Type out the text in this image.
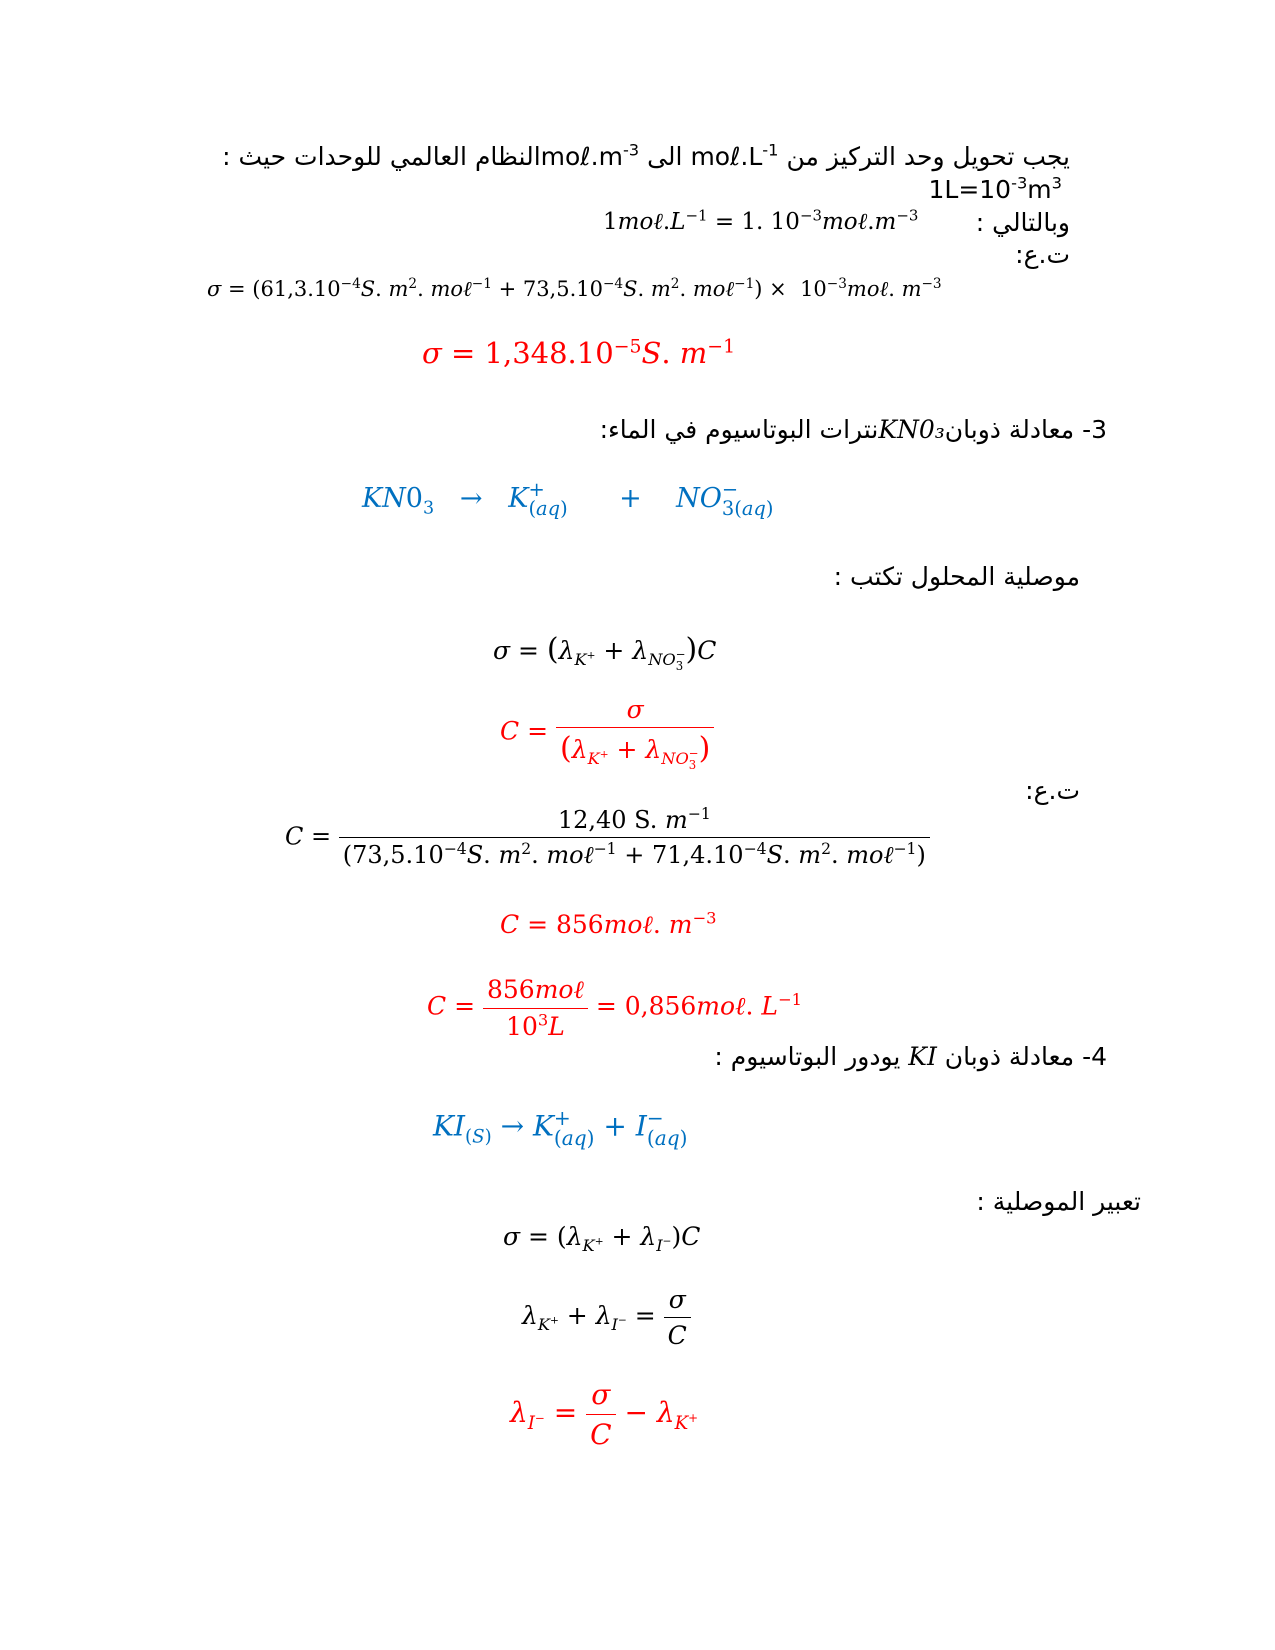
يجب تحويل وحد التركيز من $mo\ell.L^{-1}$ الى $mo\ell.m^{-3}النظام$ العالمي للوحدات حيث :
$1L=10^{-3}m^3$
وبالتالي :
$1mo\ell.L^{-1} = 1$. $10^{-3}mo\ell.m^{-3}$
ت.ع:
$\sigma = (61,3.10^{-4}S$. $m^2$. moℓ$^{-1}$ + $73,5.10^{-4}S$. $m^2$. moℓ$^{-1}$) ×  $10^{-3}mo\ell$. $m^{-3}$
$\sigma = 1,348.10^{-5}S$. $m^{-1}$
3- معادلة ذوبانKN0₃نترات البوتاسيوم في الماء:
$KN0_3 \to K$ +
(aq) +    NO −
3(aq)
موصلية المحلول تكتب :
$\sigma = (\lambda_{K^+} + \lambda_{NO - 3}$ )C
C = σ
($\lambda_{K^+} + \lambda_{NO - 3}$ )
ت.ع:
$C = \frac{12,40 S. m^{-1}}{(73,5.10^{-4}S. m^2. mo\ell^{-1} + 71,4.10^{-4}S. m^2. mo\ell^{-1})}$
C = 856moℓ. $m^{-3}$
$C = \frac{\text{856moℓ}}{10^3L}$ = 0,856moℓ. $L^{-1}$
4- معادلة ذوبان KI يودور البوتاسيوم :
$KI_{(S)} \to K$ +
(aq) + I −
(aq)
تعبير الموصلية :
$\sigma = (\lambda_{K^+} + \lambda_{I^-})C$
$\lambda_{K^+} + \lambda_{I^-} = \frac{\sigma}{C}$
$\lambda_{I^-} = \frac{\sigma}{C} - \lambda_{K^+}$
